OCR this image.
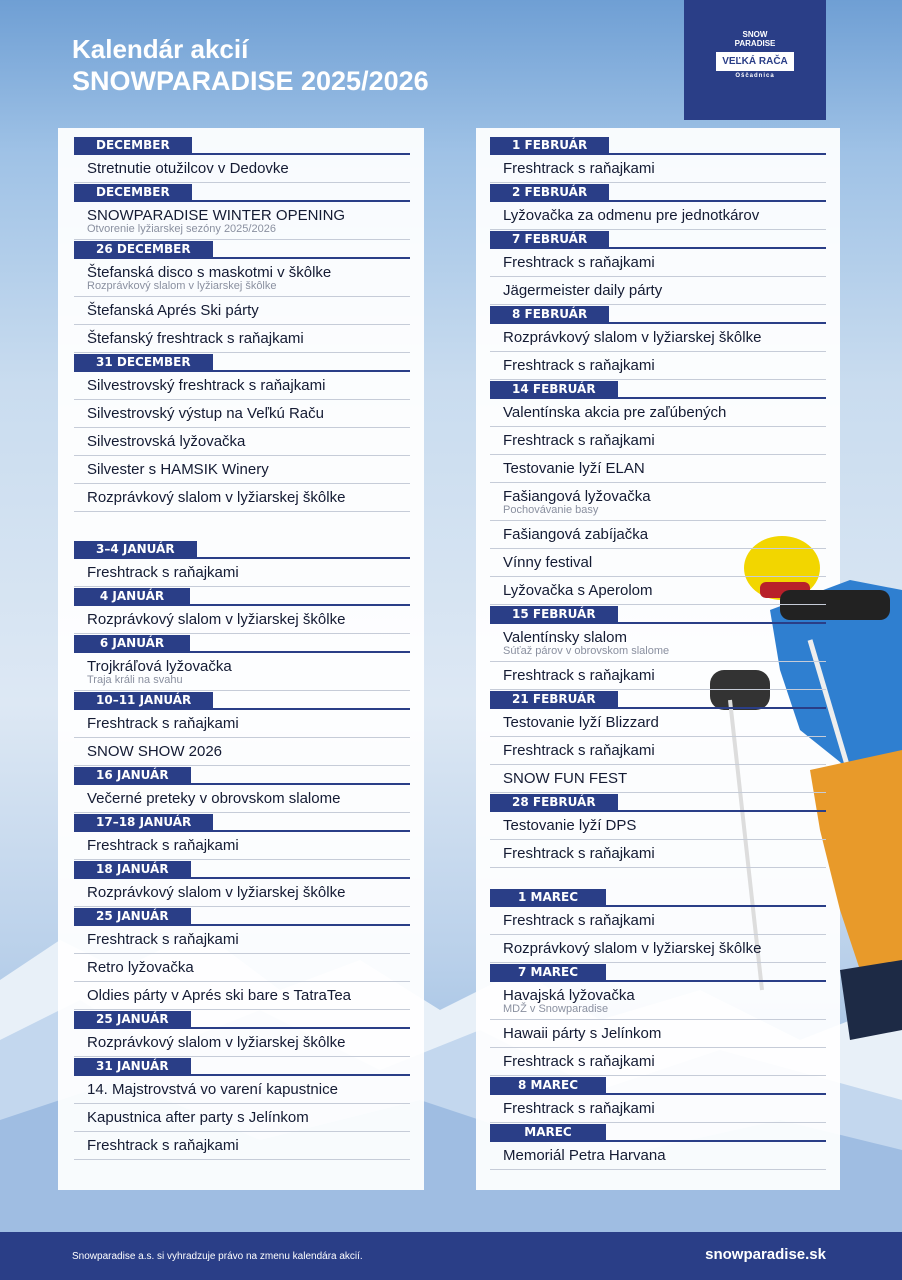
Kalendár akcií
SNOWPARADISE 2025/2026
SNOW
PARADISE
VEĽKÁ RAČA
Oščadnica
DECEMBER
Stretnutie otužilcov v Dedovke
DECEMBER
SNOWPARADISE WINTER OPENING
Otvorenie lyžiarskej sezóny 2025/2026
26 DECEMBER
Štefanská disco s maskotmi v škôlke
Rozprávkový slalom v lyžiarskej škôlke
Štefanská Aprés Ski párty
Štefanský freshtrack s raňajkami
31 DECEMBER
Silvestrovský freshtrack s raňajkami
Silvestrovský výstup na Veľkú Raču
Silvestrovská lyžovačka
Silvester s HAMSIK Winery
Rozprávkový slalom v lyžiarskej škôlke
3–4 JANUÁR
Freshtrack s raňajkami
4 JANUÁR
Rozprávkový slalom v lyžiarskej škôlke
6 JANUÁR
Trojkráľová lyžovačka
Traja králi na svahu
10–11 JANUÁR
Freshtrack s raňajkami
SNOW SHOW 2026
16 JANUÁR
Večerné preteky v obrovskom slalome
17–18 JANUÁR
Freshtrack s raňajkami
18 JANUÁR
Rozprávkový slalom v lyžiarskej škôlke
25 JANUÁR
Freshtrack s raňajkami
Retro lyžovačka
Oldies párty v Aprés ski bare s TatraTea
25 JANUÁR
Rozprávkový slalom v lyžiarskej škôlke
31 JANUÁR
14. Majstrovstvá vo varení kapustnice
Kapustnica after party s Jelínkom
Freshtrack s raňajkami
1 FEBRUÁR
Freshtrack s raňajkami
2 FEBRUÁR
Lyžovačka za odmenu pre jednotkárov
7 FEBRUÁR
Freshtrack s raňajkami
Jägermeister daily párty
8 FEBRUÁR
Rozprávkový slalom v lyžiarskej škôlke
Freshtrack s raňajkami
14 FEBRUÁR
Valentínska akcia pre zaľúbených
Freshtrack s raňajkami
Testovanie lyží ELAN
Fašiangová lyžovačka
Pochovávanie basy
Fašiangová zabíjačka
Vínny festival
Lyžovačka s Aperolom
15 FEBRUÁR
Valentínsky slalom
Súťaž párov v obrovskom slalome
Freshtrack s raňajkami
21 FEBRUÁR
Testovanie lyží Blizzard
Freshtrack s raňajkami
SNOW FUN FEST
28 FEBRUÁR
Testovanie lyží DPS
Freshtrack s raňajkami
1 MAREC
Freshtrack s raňajkami
Rozprávkový slalom v lyžiarskej škôlke
7 MAREC
Havajská lyžovačka
MDŽ v Snowparadise
Hawaii párty s Jelínkom
Freshtrack s raňajkami
8 MAREC
Freshtrack s raňajkami
MAREC
Memoriál Petra Harvana
Snowparadise a.s. si vyhradzuje právo na zmenu kalendára akcií.	snowparadise.sk
